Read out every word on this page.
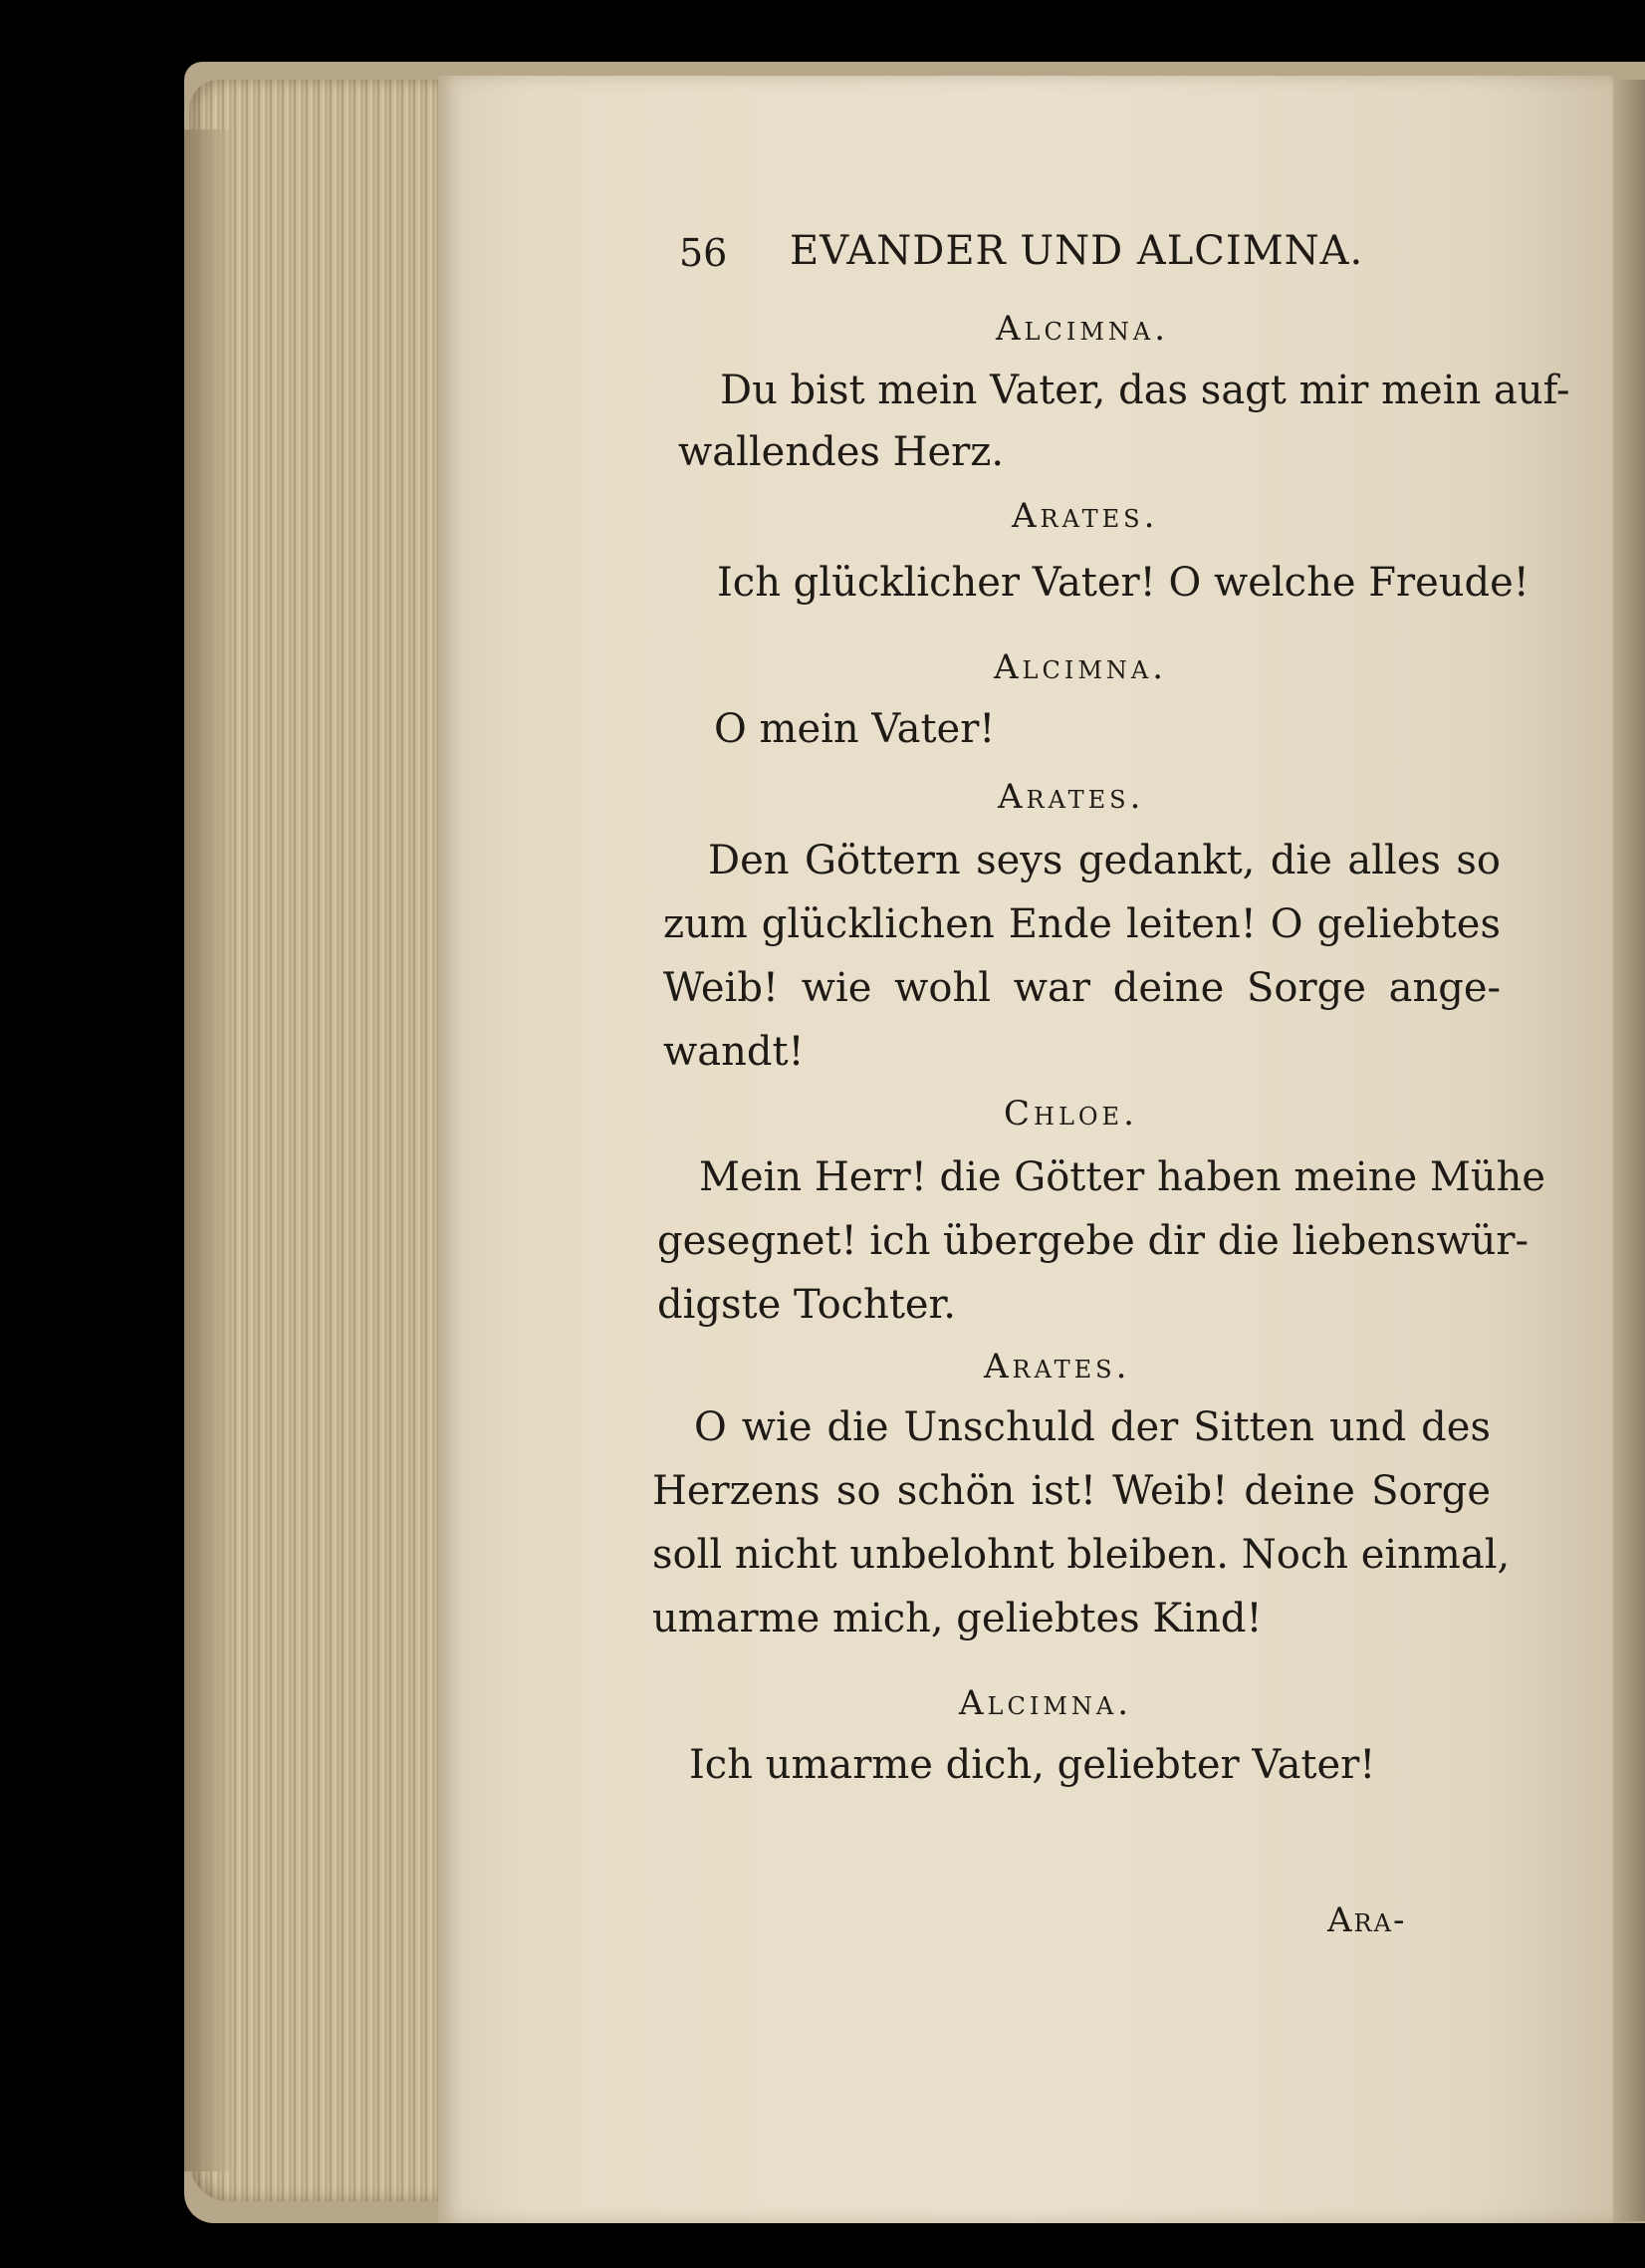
56 EVANDER UND ALCIMNA.

Alcimna.

Du bist mein Vater, das sagt mir mein auf-

wallendes Herz.

Arates.

Ich glücklicher Vater! O welche Freude!

Alcimna.

O mein Vater!

Arates.

Den Göttern seys gedankt, die alles so

zum glücklichen Ende leiten! O geliebtes

Weib! wie wohl war deine Sorge ange-

wandt!

Chloe.

Mein Herr! die Götter haben meine Mühe

gesegnet! ich übergebe dir die liebenswür-

digste Tochter.

Arates.

O wie die Unschuld der Sitten und des

Herzens so schön ist! Weib! deine Sorge

soll nicht unbelohnt bleiben. Noch einmal,

umarme mich, geliebtes Kind!

Alcimna.

Ich umarme dich, geliebter Vater!

Ara-
